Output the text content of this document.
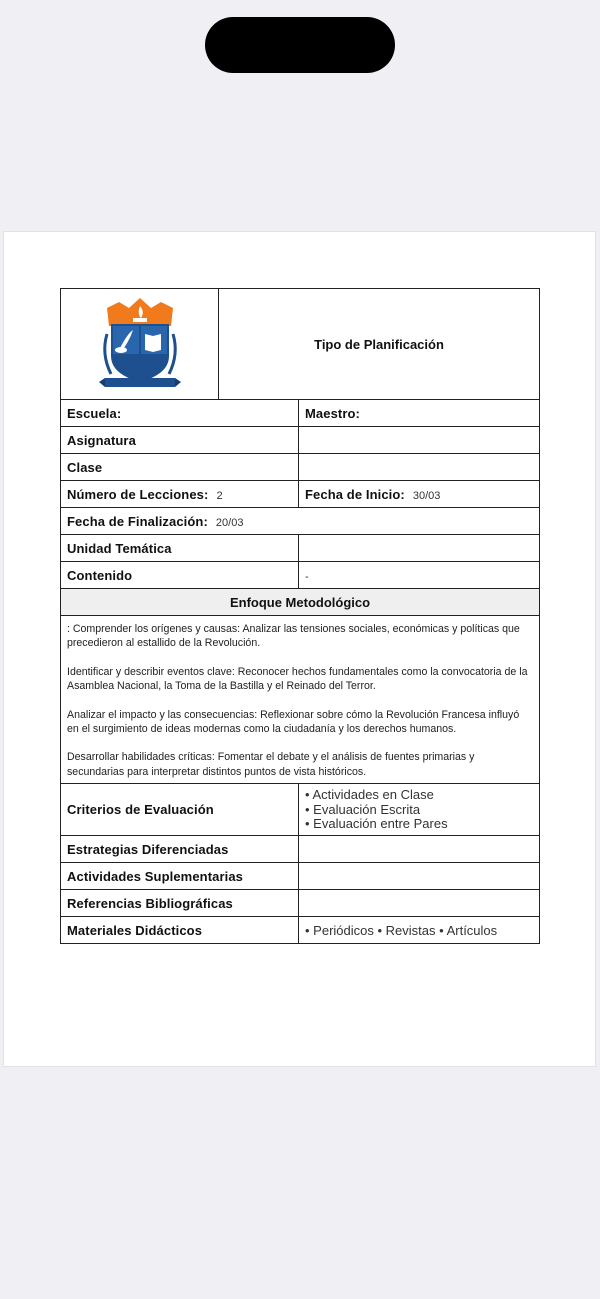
	Tipo de Planificación	
Escuela:		Maestro:
Asignatura		
Clase		
Número de Lecciones: 2		Fecha de Inicio: 30/03
Fecha de Finalización: 20/03		
Unidad Temática		
Contenido		-
Enfoque Metodológico		

: Comprender los orígenes y causas: Analizar las tensiones sociales, económicas y políticas que precedieron al estallido de la Revolución.

Identificar y describir eventos clave: Reconocer hechos fundamentales como la convocatoria de la Asamblea Nacional, la Toma de la Bastilla y el Reinado del Terror.

Analizar el impacto y las consecuencias: Reflexionar sobre cómo la Revolución Francesa influyó en el surgimiento de ideas modernas como la ciudadanía y los derechos humanos.

Desarrollar habilidades críticas: Fomentar el debate y el análisis de fuentes primarias y secundarias para interpretar distintos puntos de vista históricos.		

Criterios de Evaluación		• Actividades en Clase
• Evaluación Escrita
• Evaluación entre Pares

Estrategias Diferenciadas		
Actividades Suplementarias		
Referencias Bibliográficas		
Materiales Didácticos		• Periódicos • Revistas • Artículos
